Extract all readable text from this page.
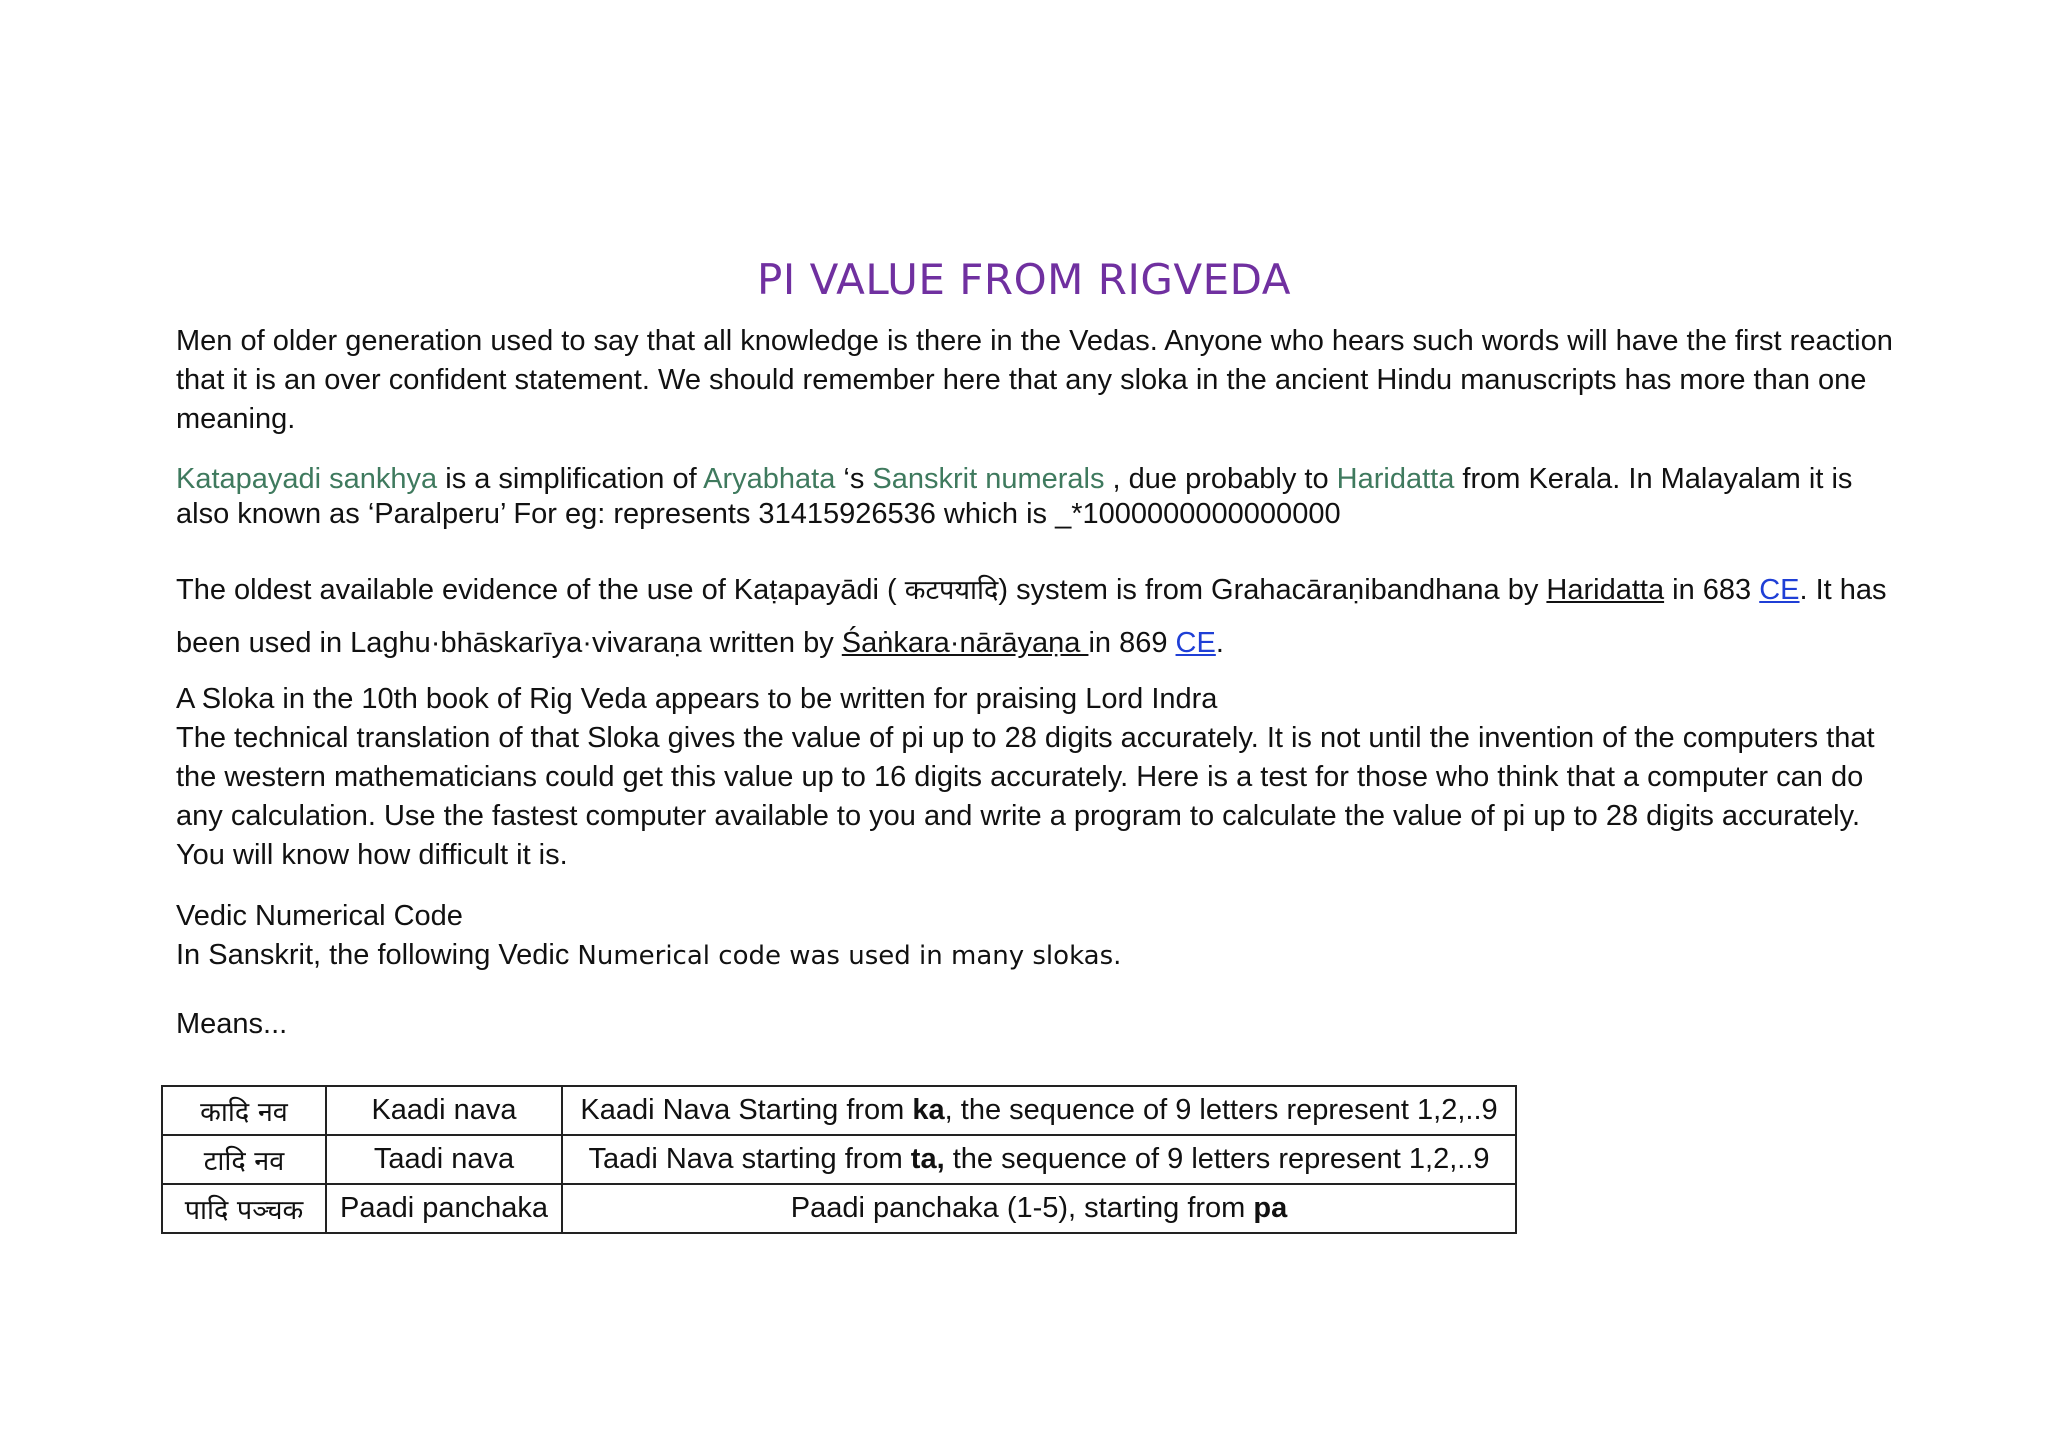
PI VALUE FROM RIGVEDA
Men of older generation used to say that all knowledge is there in the Vedas. Anyone who hears such words will have the first reaction that it is an over confident statement. We should remember here that any sloka in the ancient Hindu manuscripts has more than one meaning.
Katapayadi sankhya is a simplification of Aryabhata ‘s Sanskrit numerals , due probably to Haridatta from Kerala. In Malayalam it is also known as ‘Paralperu’ For eg: represents 31415926536 which is _*1000000000000000
The oldest available evidence of the use of Kaṭapayādi ( कटपयादि) system is from Grahacāraṇibandhana by Haridatta in 683 CE. It has been used in Laghu·bhāskarīya·vivaraṇa written by Śaṅkara·nārāyaṇa in 869 CE.
A Sloka in the 10th book of Rig Veda appears to be written for praising Lord Indra
The technical translation of that Sloka gives the value of pi up to 28 digits accurately. It is not until the invention of the computers that the western mathematicians could get this value up to 16 digits accurately. Here is a test for those who think that a computer can do any calculation. Use the fastest computer available to you and write a program to calculate the value of pi up to 28 digits accurately. You will know how difficult it is.
Vedic Numerical Code
In Sanskrit, the following Vedic Numerical code was used in many slokas.
Means...
कादि नव	Kaadi nava	Kaadi Nava Starting from ka, the sequence of 9 letters represent 1,2,..9
टादि नव	Taadi nava	Taadi Nava starting from ta, the sequence of 9 letters represent 1,2,..9
पादि पञ्चक	Paadi panchaka	Paadi panchaka (1-5), starting from pa
